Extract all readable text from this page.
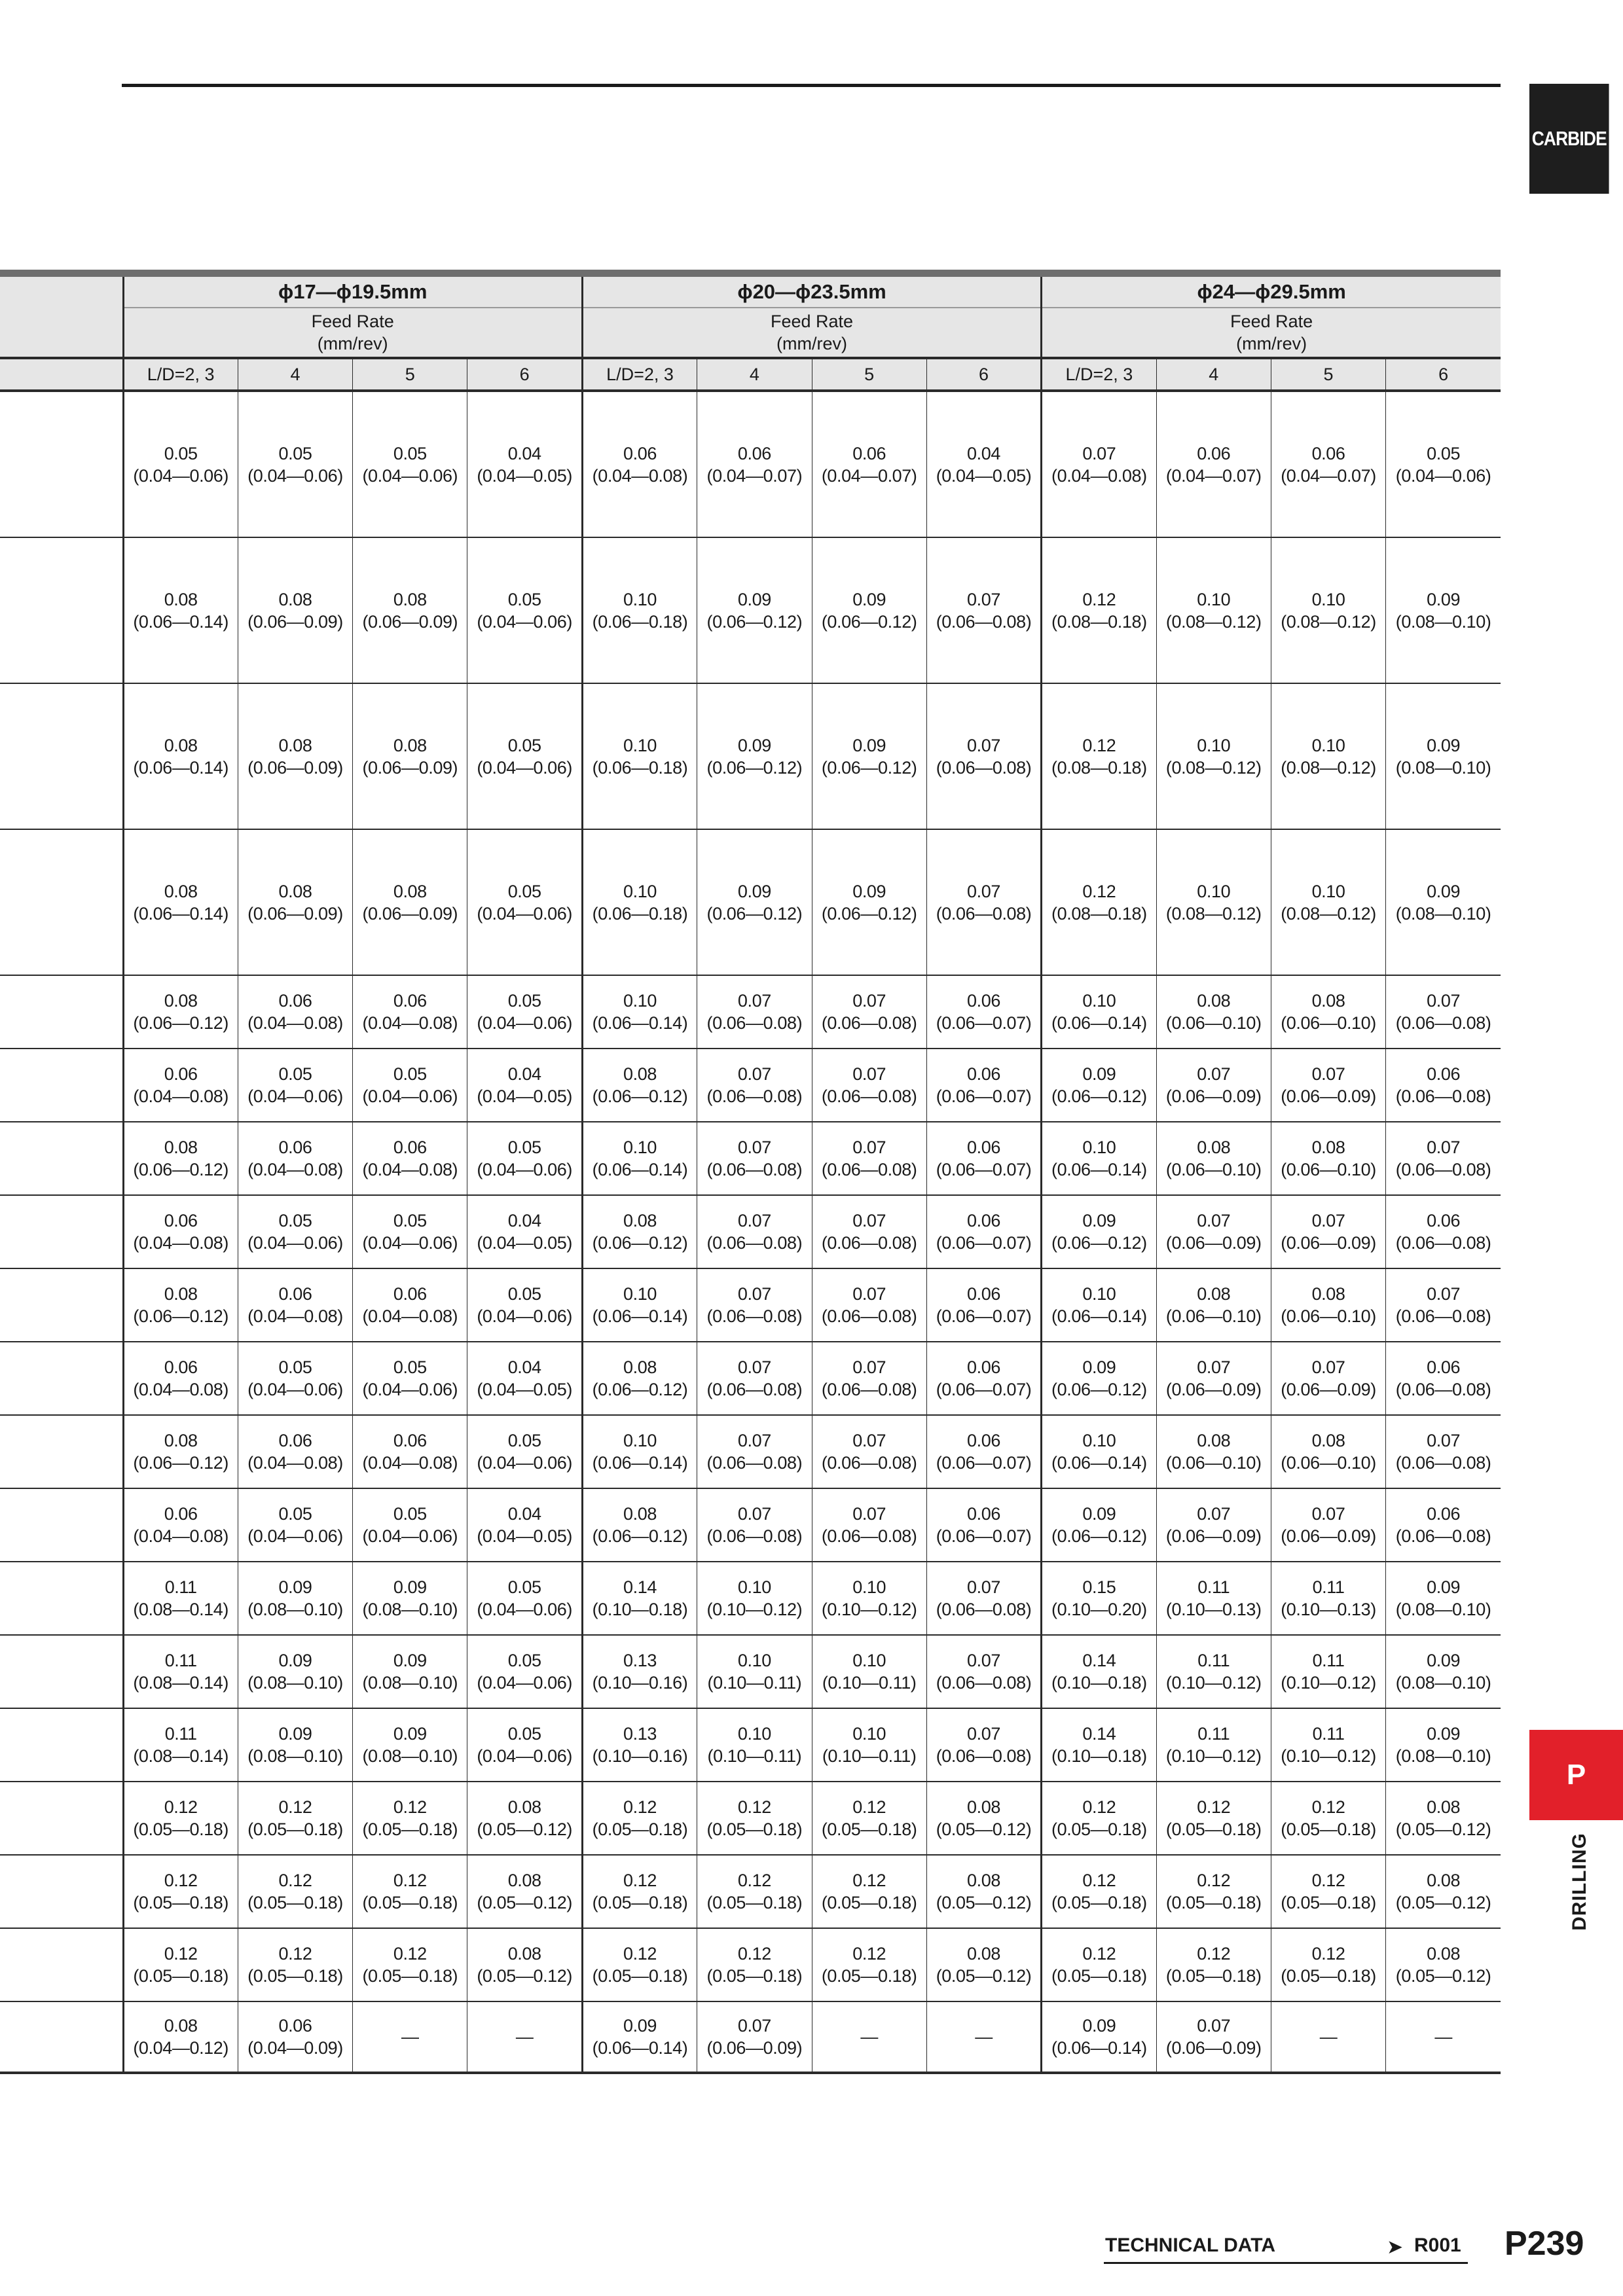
CARBIDE
P
DRILLING
	ϕ17—ϕ19.5mm				ϕ20—ϕ23.5mm				ϕ24—ϕ29.5mm			

	Feed Rate
(mm/rev)				Feed Rate
(mm/rev)				Feed Rate
(mm/rev)			

	L/D=2, 3	4	5	6	L/D=2, 3	4	5	6	L/D=2, 3	4	5	6

	0.05
(0.04—0.06)	0.05
(0.04—0.06)	0.05
(0.04—0.06)	0.04
(0.04—0.05)	0.06
(0.04—0.08)	0.06
(0.04—0.07)	0.06
(0.04—0.07)	0.04
(0.04—0.05)	0.07
(0.04—0.08)	0.06
(0.04—0.07)	0.06
(0.04—0.07)	0.05
(0.04—0.06)

	0.08
(0.06—0.14)	0.08
(0.06—0.09)	0.08
(0.06—0.09)	0.05
(0.04—0.06)	0.10
(0.06—0.18)	0.09
(0.06—0.12)	0.09
(0.06—0.12)	0.07
(0.06—0.08)	0.12
(0.08—0.18)	0.10
(0.08—0.12)	0.10
(0.08—0.12)	0.09
(0.08—0.10)

	0.08
(0.06—0.14)	0.08
(0.06—0.09)	0.08
(0.06—0.09)	0.05
(0.04—0.06)	0.10
(0.06—0.18)	0.09
(0.06—0.12)	0.09
(0.06—0.12)	0.07
(0.06—0.08)	0.12
(0.08—0.18)	0.10
(0.08—0.12)	0.10
(0.08—0.12)	0.09
(0.08—0.10)

	0.08
(0.06—0.14)	0.08
(0.06—0.09)	0.08
(0.06—0.09)	0.05
(0.04—0.06)	0.10
(0.06—0.18)	0.09
(0.06—0.12)	0.09
(0.06—0.12)	0.07
(0.06—0.08)	0.12
(0.08—0.18)	0.10
(0.08—0.12)	0.10
(0.08—0.12)	0.09
(0.08—0.10)

	0.08
(0.06—0.12)	0.06
(0.04—0.08)	0.06
(0.04—0.08)	0.05
(0.04—0.06)	0.10
(0.06—0.14)	0.07
(0.06—0.08)	0.07
(0.06—0.08)	0.06
(0.06—0.07)	0.10
(0.06—0.14)	0.08
(0.06—0.10)	0.08
(0.06—0.10)	0.07
(0.06—0.08)

	0.06
(0.04—0.08)	0.05
(0.04—0.06)	0.05
(0.04—0.06)	0.04
(0.04—0.05)	0.08
(0.06—0.12)	0.07
(0.06—0.08)	0.07
(0.06—0.08)	0.06
(0.06—0.07)	0.09
(0.06—0.12)	0.07
(0.06—0.09)	0.07
(0.06—0.09)	0.06
(0.06—0.08)

	0.08
(0.06—0.12)	0.06
(0.04—0.08)	0.06
(0.04—0.08)	0.05
(0.04—0.06)	0.10
(0.06—0.14)	0.07
(0.06—0.08)	0.07
(0.06—0.08)	0.06
(0.06—0.07)	0.10
(0.06—0.14)	0.08
(0.06—0.10)	0.08
(0.06—0.10)	0.07
(0.06—0.08)

	0.06
(0.04—0.08)	0.05
(0.04—0.06)	0.05
(0.04—0.06)	0.04
(0.04—0.05)	0.08
(0.06—0.12)	0.07
(0.06—0.08)	0.07
(0.06—0.08)	0.06
(0.06—0.07)	0.09
(0.06—0.12)	0.07
(0.06—0.09)	0.07
(0.06—0.09)	0.06
(0.06—0.08)

	0.08
(0.06—0.12)	0.06
(0.04—0.08)	0.06
(0.04—0.08)	0.05
(0.04—0.06)	0.10
(0.06—0.14)	0.07
(0.06—0.08)	0.07
(0.06—0.08)	0.06
(0.06—0.07)	0.10
(0.06—0.14)	0.08
(0.06—0.10)	0.08
(0.06—0.10)	0.07
(0.06—0.08)

	0.06
(0.04—0.08)	0.05
(0.04—0.06)	0.05
(0.04—0.06)	0.04
(0.04—0.05)	0.08
(0.06—0.12)	0.07
(0.06—0.08)	0.07
(0.06—0.08)	0.06
(0.06—0.07)	0.09
(0.06—0.12)	0.07
(0.06—0.09)	0.07
(0.06—0.09)	0.06
(0.06—0.08)

	0.08
(0.06—0.12)	0.06
(0.04—0.08)	0.06
(0.04—0.08)	0.05
(0.04—0.06)	0.10
(0.06—0.14)	0.07
(0.06—0.08)	0.07
(0.06—0.08)	0.06
(0.06—0.07)	0.10
(0.06—0.14)	0.08
(0.06—0.10)	0.08
(0.06—0.10)	0.07
(0.06—0.08)

	0.06
(0.04—0.08)	0.05
(0.04—0.06)	0.05
(0.04—0.06)	0.04
(0.04—0.05)	0.08
(0.06—0.12)	0.07
(0.06—0.08)	0.07
(0.06—0.08)	0.06
(0.06—0.07)	0.09
(0.06—0.12)	0.07
(0.06—0.09)	0.07
(0.06—0.09)	0.06
(0.06—0.08)

	0.11
(0.08—0.14)	0.09
(0.08—0.10)	0.09
(0.08—0.10)	0.05
(0.04—0.06)	0.14
(0.10—0.18)	0.10
(0.10—0.12)	0.10
(0.10—0.12)	0.07
(0.06—0.08)	0.15
(0.10—0.20)	0.11
(0.10—0.13)	0.11
(0.10—0.13)	0.09
(0.08—0.10)

	0.11
(0.08—0.14)	0.09
(0.08—0.10)	0.09
(0.08—0.10)	0.05
(0.04—0.06)	0.13
(0.10—0.16)	0.10
(0.10—0.11)	0.10
(0.10—0.11)	0.07
(0.06—0.08)	0.14
(0.10—0.18)	0.11
(0.10—0.12)	0.11
(0.10—0.12)	0.09
(0.08—0.10)

	0.11
(0.08—0.14)	0.09
(0.08—0.10)	0.09
(0.08—0.10)	0.05
(0.04—0.06)	0.13
(0.10—0.16)	0.10
(0.10—0.11)	0.10
(0.10—0.11)	0.07
(0.06—0.08)	0.14
(0.10—0.18)	0.11
(0.10—0.12)	0.11
(0.10—0.12)	0.09
(0.08—0.10)

	0.12
(0.05—0.18)	0.12
(0.05—0.18)	0.12
(0.05—0.18)	0.08
(0.05—0.12)	0.12
(0.05—0.18)	0.12
(0.05—0.18)	0.12
(0.05—0.18)	0.08
(0.05—0.12)	0.12
(0.05—0.18)	0.12
(0.05—0.18)	0.12
(0.05—0.18)	0.08
(0.05—0.12)

	0.12
(0.05—0.18)	0.12
(0.05—0.18)	0.12
(0.05—0.18)	0.08
(0.05—0.12)	0.12
(0.05—0.18)	0.12
(0.05—0.18)	0.12
(0.05—0.18)	0.08
(0.05—0.12)	0.12
(0.05—0.18)	0.12
(0.05—0.18)	0.12
(0.05—0.18)	0.08
(0.05—0.12)

	0.12
(0.05—0.18)	0.12
(0.05—0.18)	0.12
(0.05—0.18)	0.08
(0.05—0.12)	0.12
(0.05—0.18)	0.12
(0.05—0.18)	0.12
(0.05—0.18)	0.08
(0.05—0.12)	0.12
(0.05—0.18)	0.12
(0.05—0.18)	0.12
(0.05—0.18)	0.08
(0.05—0.12)

	0.08
(0.04—0.12)	0.06
(0.04—0.09)	—	—	0.09
(0.06—0.14)	0.07
(0.06—0.09)	—	—	0.09
(0.06—0.14)	0.07
(0.06—0.09)	—	—
TECHNICAL DATA	➤ R001 P239
